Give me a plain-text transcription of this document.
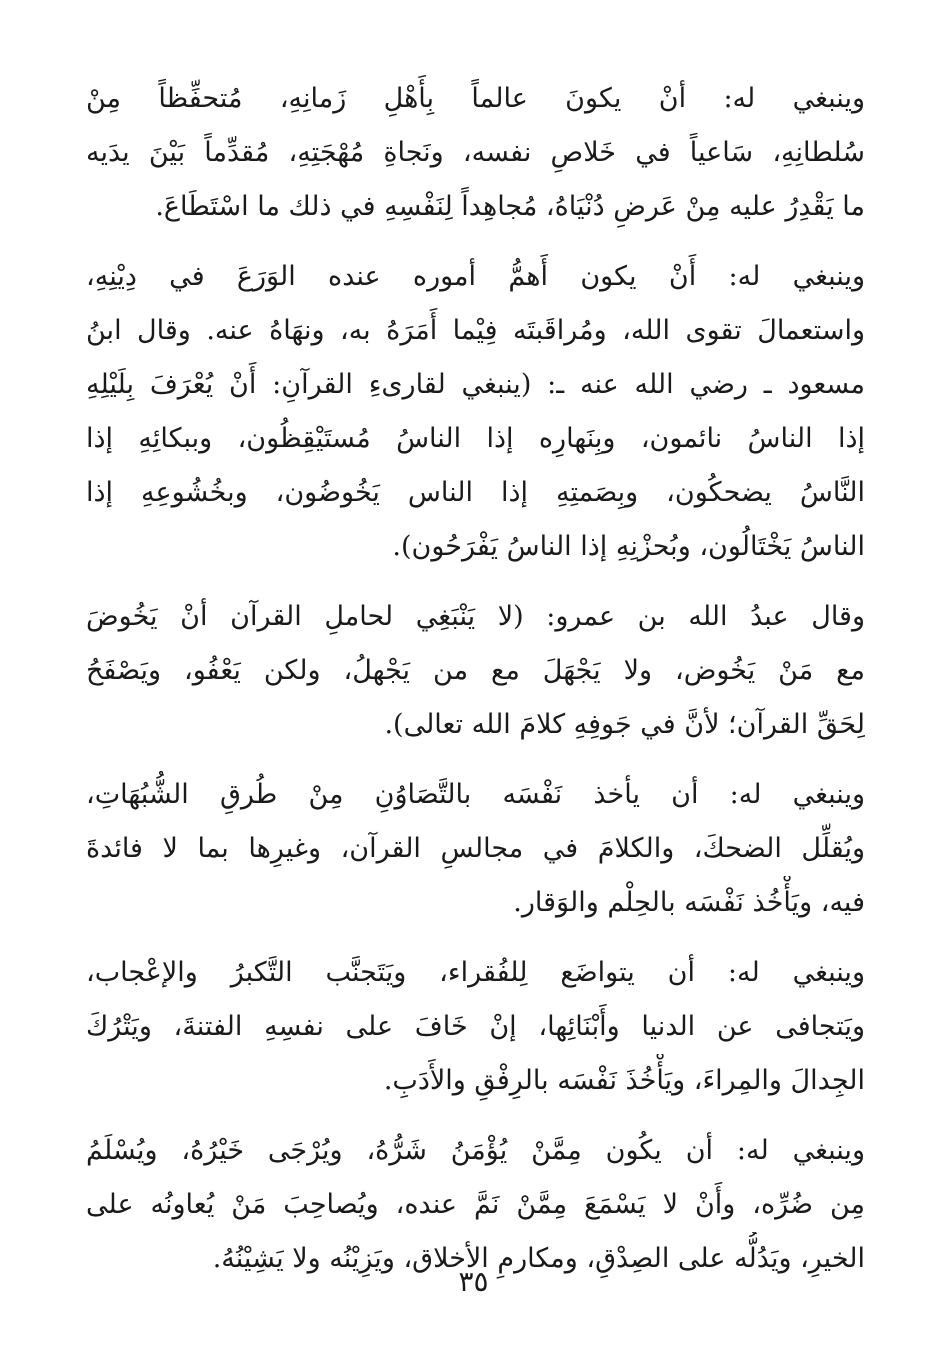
وينبغي له: أنْ يكونَ عالماً بِأَهْلِ زَمانِهِ، مُتحفِّظاً مِنْ
سُلطانِهِ، سَاعياً في خَلاصِ نفسه، ونَجاةِ مُهْجَتِهِ، مُقدِّماً بَيْنَ يدَيه
ما يَقْدِرُ عليه مِنْ عَرضِ دُنْيَاهُ، مُجاهِداً لِنَفْسِهِ في ذلك ما اسْتَطَاعَ.
وينبغي له: أَنْ يكون أَهمُّ أموره عنده الوَرَعَ في دِيْنِهِ،
واستعمالَ تقوى الله، ومُراقَبتَه فِيْما أَمَرَهُ به، ونهَاهُ عنه. وقال ابنُ
مسعود ـ رضي الله عنه ـ: (ينبغي لقارىءِ القرآنِ: أَنْ يُعْرَفَ بِلَيْلِهِ
إذا الناسُ نائمون، وبِنَهارِه إذا الناسُ مُستَيْقِظُون، وببكائِهِ إذا
النَّاسُ يضحكُون، وبِصَمتِهِ إذا الناس يَخُوضُون، وبخُشُوعِهِ إذا
الناسُ يَخْتَالُون، وبُحزْنِهِ إذا الناسُ يَفْرَحُون).
وقال عبدُ الله بن عمرو: (لا يَنْبَغِي لحاملِ القرآن أنْ يَخُوضَ
مع مَنْ يَخُوض، ولا يَجْهَلَ مع من يَجْهلُ، ولكن يَعْفُو، ويَصْفَحُ
لِحَقِّ القرآن؛ لأنَّ في جَوفِهِ كلامَ الله تعالى).
وينبغي له: أن يأخذ نَفْسَه بالتَّصَاوُنِ مِنْ طُرقِ الشُّبُهَاتِ،
ويُقلِّل الضحكَ، والكلامَ في مجالسِ القرآن، وغيرِها بما لا فائدةَ
فيه، ويَأْخُذ نَفْسَه بالحِلْم والوَقار.
وينبغي له: أن يتواضَع لِلفُقراء، ويَتَجنَّب التَّكبرُ والإعْجاب،
ويَتجافى عن الدنيا وأَبْنَائِها، إنْ خَافَ على نفسِهِ الفتنةَ، ويَتْرُكَ
الجِدالَ والمِراءَ، ويَأْخُذَ نَفْسَه بالرِفْقِ والأَدَبِ.
وينبغي له: أن يكُون مِمَّنْ يُؤْمَنُ شَرُّهُ، ويُرْجَى خَيْرُهُ، ويُسْلَمُ
مِن ضُرِّه، وأَنْ لا يَسْمَعَ مِمَّنْ نَمَّ عنده، ويُصاحِبَ مَنْ يُعاونُه على
الخيرِ، ويَدُلُّه على الصِدْقِ، ومكارمِ الأخلاق، ويَزِيْنُه ولا يَشِيْنُهُ.
٣٥
